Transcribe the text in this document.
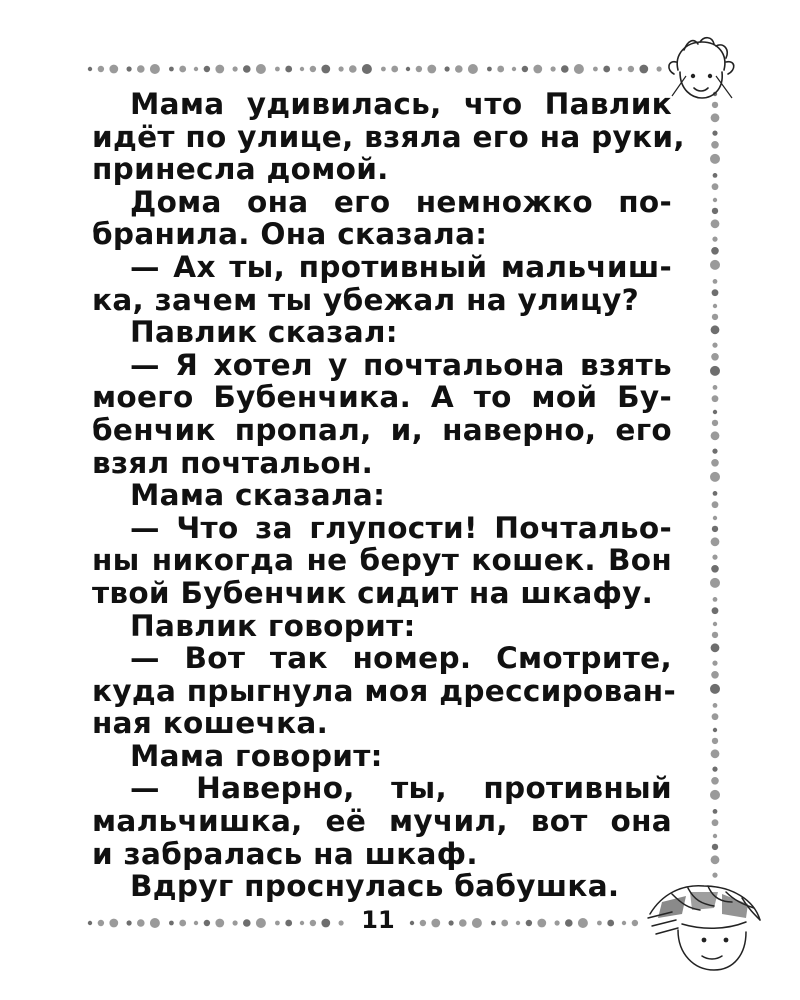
Мама удивилась, что Павлик
идёт по улице, взяла его на руки,
принесла домой.
Дома она его немножко по-
бранила. Она сказала:
— Ах ты, противный мальчиш-
ка, зачем ты убежал на улицу?
Павлик сказал:
— Я хотел у почтальона взять
моего Бубенчика. А то мой Бу-
бенчик пропал, и, наверно, его
взял почтальон.
Мама сказала:
— Что за глупости! Почтальо-
ны никогда не берут кошек. Вон
твой Бубенчик сидит на шкафу.
Павлик говорит:
— Вот так номер. Смотрите,
куда прыгнула моя дрессирован-
ная кошечка.
Мама говорит:
— Наверно, ты, противный
мальчишка, её мучил, вот она
и забралась на шкаф.
Вдруг проснулась бабушка.
11
